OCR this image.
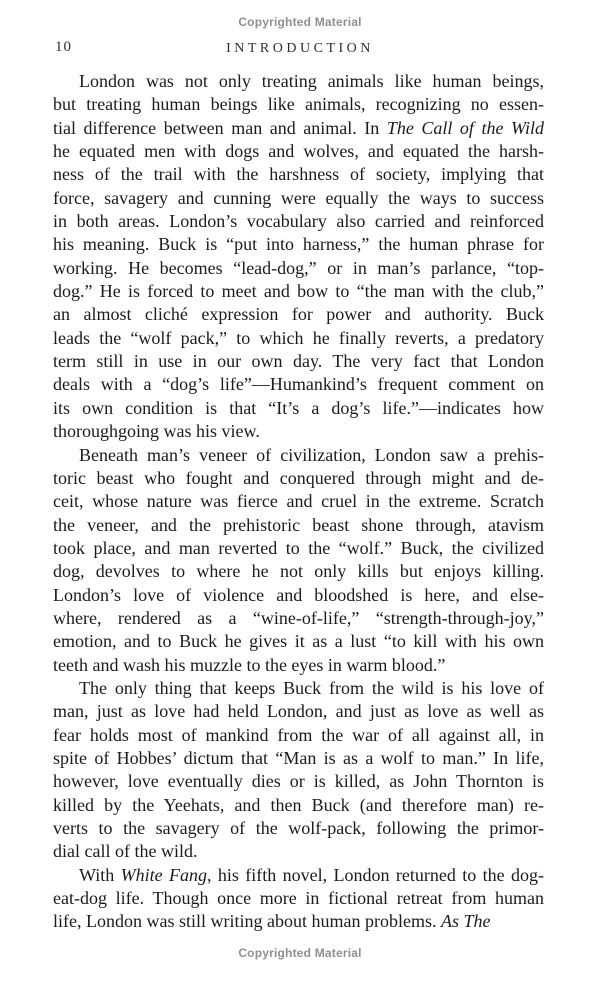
Copyrighted Material
10	INTRODUCTION
London was not only treating animals like human beings,
but treating human beings like animals, recognizing no essen-
tial difference between man and animal. In The Call of the Wild
he equated men with dogs and wolves, and equated the harsh-
ness of the trail with the harshness of society, implying that
force, savagery and cunning were equally the ways to success
in both areas. London’s vocabulary also carried and reinforced
his meaning. Buck is “put into harness,” the human phrase for
working. He becomes “lead-dog,” or in man’s parlance, “top-
dog.” He is forced to meet and bow to “the man with the club,”
an almost cliché expression for power and authority. Buck
leads the “wolf pack,” to which he finally reverts, a predatory
term still in use in our own day. The very fact that London
deals with a “dog’s life”—Humankind’s frequent comment on
its own condition is that “It’s a dog’s life.”—indicates how
thoroughgoing was his view.
Beneath man’s veneer of civilization, London saw a prehis-
toric beast who fought and conquered through might and de-
ceit, whose nature was fierce and cruel in the extreme. Scratch
the veneer, and the prehistoric beast shone through, atavism
took place, and man reverted to the “wolf.” Buck, the civilized
dog, devolves to where he not only kills but enjoys killing.
London’s love of violence and bloodshed is here, and else-
where, rendered as a “wine-of-life,” “strength-through-joy,”
emotion, and to Buck he gives it as a lust “to kill with his own
teeth and wash his muzzle to the eyes in warm blood.”
The only thing that keeps Buck from the wild is his love of
man, just as love had held London, and just as love as well as
fear holds most of mankind from the war of all against all, in
spite of Hobbes’ dictum that “Man is as a wolf to man.” In life,
however, love eventually dies or is killed, as John Thornton is
killed by the Yeehats, and then Buck (and therefore man) re-
verts to the savagery of the wolf-pack, following the primor-
dial call of the wild.
With White Fang, his fifth novel, London returned to the dog-
eat-dog life. Though once more in fictional retreat from human
life, London was still writing about human problems. As The
Copyrighted Material
